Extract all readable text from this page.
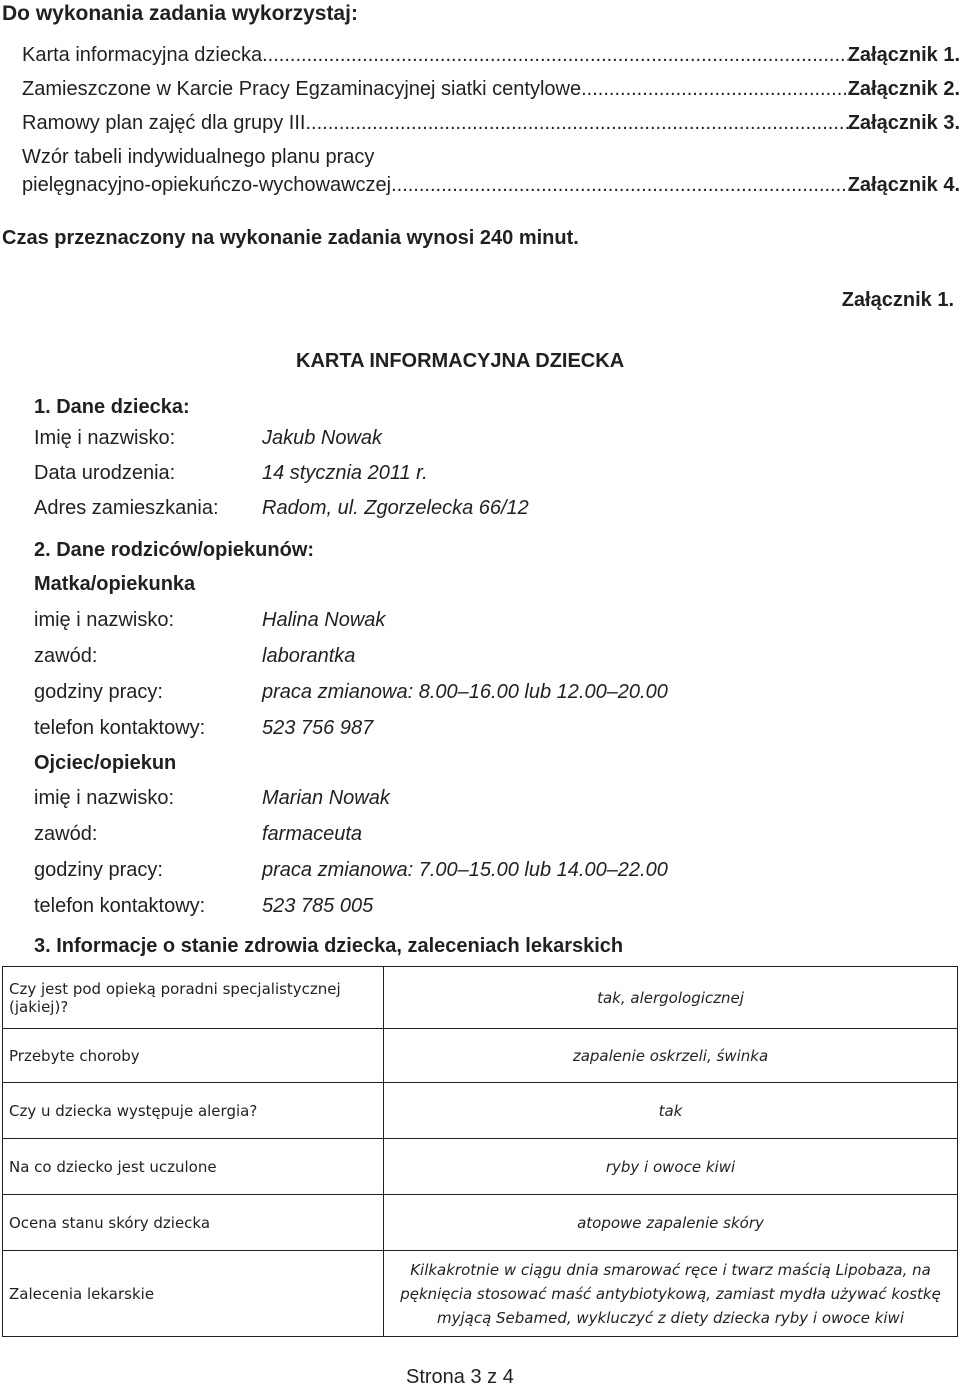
Do wykonania zadania wykorzystaj:
Karta informacyjna dziecka. .....	Załącznik 1.
Zamieszczone w Karcie Pracy Egzaminacyjnej siatki centylowe. .....	Załącznik 2.
Ramowy plan zajęć dla grupy III. .....	Załącznik 3.
Wzór tabeli indywidualnego planu pracy
pielęgnacyjno-opiekuńczo-wychowawczej. .....	Załącznik 4.
Czas przeznaczony na wykonanie zadania wynosi 240 minut.
Załącznik 1.
KARTA INFORMACYJNA DZIECKA
1. Dane dziecka:
Imię i nazwisko:	Jakub Nowak
Data urodzenia:	14 stycznia 2011 r.
Adres zamieszkania: Radom, ul. Zgorzelecka 66/12
2. Dane rodziców/opiekunów:
Matka/opiekunka
imię i nazwisko:	Halina Nowak
zawód:	laborantka
godziny pracy:	praca zmianowa: 8.00–16.00 lub 12.00–20.00
telefon kontaktowy:	523 756 987
Ojciec/opiekun
imię i nazwisko:	Marian Nowak
zawód:	farmaceuta
godziny pracy:	praca zmianowa: 7.00–15.00 lub 14.00–22.00
telefon kontaktowy:	523 785 005
3. Informacje o stanie zdrowia dziecka, zaleceniach lekarskich
Czy jest pod opieką poradni specjalistycznej (jakiej)?	tak, alergologicznej
Przebyte choroby	zapalenie oskrzeli, świnka
Czy u dziecka występuje alergia?	tak
Na co dziecko jest uczulone	ryby i owoce kiwi
Ocena stanu skóry dziecka	atopowe zapalenie skóry
Zalecenia lekarskie	Kilkakrotnie w ciągu dnia smarować ręce i twarz maścią Lipobaza, na pęknięcia stosować maść antybiotykową, zamiast mydła używać kostkę myjącą Sebamed, wykluczyć z diety dziecka ryby i owoce kiwi
Strona 3 z 4
